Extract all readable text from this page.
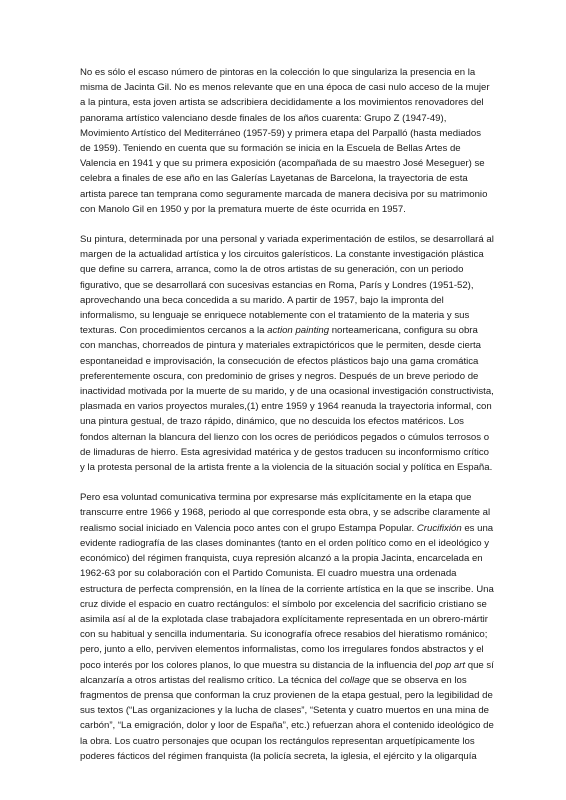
No es sólo el escaso número de pintoras en la colección lo que singulariza la presencia en la misma de Jacinta Gil. No es menos relevante que en una época de casi nulo acceso de la mujer a la pintura, esta joven artista se adscribiera decididamente a los movimientos renovadores del panorama artístico valenciano desde finales de los años cuarenta: Grupo Z (1947-49), Movimiento Artístico del Mediterráneo (1957-59) y primera etapa del Parpalló (hasta mediados de 1959). Teniendo en cuenta que su formación se inicia en la Escuela de Bellas Artes de Valencia en 1941 y que su primera exposición (acompañada de su maestro José Meseguer) se celebra a finales de ese año en las Galerías Layetanas de Barcelona, la trayectoria de esta artista parece tan temprana como seguramente marcada de manera decisiva por su matrimonio con Manolo Gil en 1950 y por la prematura muerte de éste ocurrida en 1957.

Su pintura, determinada por una personal y variada experimentación de estilos, se desarrollará al margen de la actualidad artística y los circuitos galerísticos. La constante investigación plástica que define su carrera, arranca, como la de otros artistas de su generación, con un periodo figurativo, que se desarrollará con sucesivas estancias en Roma, París y Londres (1951-52), aprovechando una beca concedida a su marido. A partir de 1957, bajo la impronta del informalismo, su lenguaje se enriquece notablemente con el tratamiento de la materia y sus texturas. Con procedimientos cercanos a la action painting norteamericana, configura su obra con manchas, chorreados de pintura y materiales extrapictóricos que le permiten, desde cierta espontaneidad e improvisación, la consecución de efectos plásticos bajo una gama cromática preferentemente oscura, con predominio de grises y negros. Después de un breve periodo de inactividad motivada por la muerte de su marido, y de una ocasional investigación constructivista, plasmada en varios proyectos murales,(1) entre 1959 y 1964 reanuda la trayectoria informal, con una pintura gestual, de trazo rápido, dinámico, que no descuida los efectos matéricos. Los fondos alternan la blancura del lienzo con los ocres de periódicos pegados o cúmulos terrosos o de limaduras de hierro. Esta agresividad matérica y de gestos traducen su inconformismo crítico y la protesta personal de la artista frente a la violencia de la situación social y política en España.

Pero esa voluntad comunicativa termina por expresarse más explícitamente en la etapa que transcurre entre 1966 y 1968, periodo al que corresponde esta obra, y se adscribe claramente al realismo social iniciado en Valencia poco antes con el grupo Estampa Popular. Crucifixión es una evidente radiografía de las clases dominantes (tanto en el orden político como en el ideológico y económico) del régimen franquista, cuya represión alcanzó a la propia Jacinta, encarcelada en 1962-63 por su colaboración con el Partido Comunista. El cuadro muestra una ordenada estructura de perfecta comprensión, en la línea de la corriente artística en la que se inscribe. Una cruz divide el espacio en cuatro rectángulos: el símbolo por excelencia del sacrificio cristiano se asimila así al de la explotada clase trabajadora explícitamente representada en un obrero-mártir con su habitual y sencilla indumentaria. Su iconografía ofrece resabios del hieratismo románico; pero, junto a ello, perviven elementos informalistas, como los irregulares fondos abstractos y el poco interés por los colores planos, lo que muestra su distancia de la influencia del pop art que sí alcanzaría a otros artistas del realismo crítico. La técnica del collage que se observa en los fragmentos de prensa que conforman la cruz provienen de la etapa gestual, pero la legibilidad de sus textos (“Las organizaciones y la lucha de clases”, “Setenta y cuatro muertos en una mina de carbón”, “La emigración, dolor y loor de España”, etc.) refuerzan ahora el contenido ideológico de la obra. Los cuatro personajes que ocupan los rectángulos representan arquetípicamente los poderes fácticos del régimen franquista (la policía secreta, la iglesia, el ejército y la oligarquía
